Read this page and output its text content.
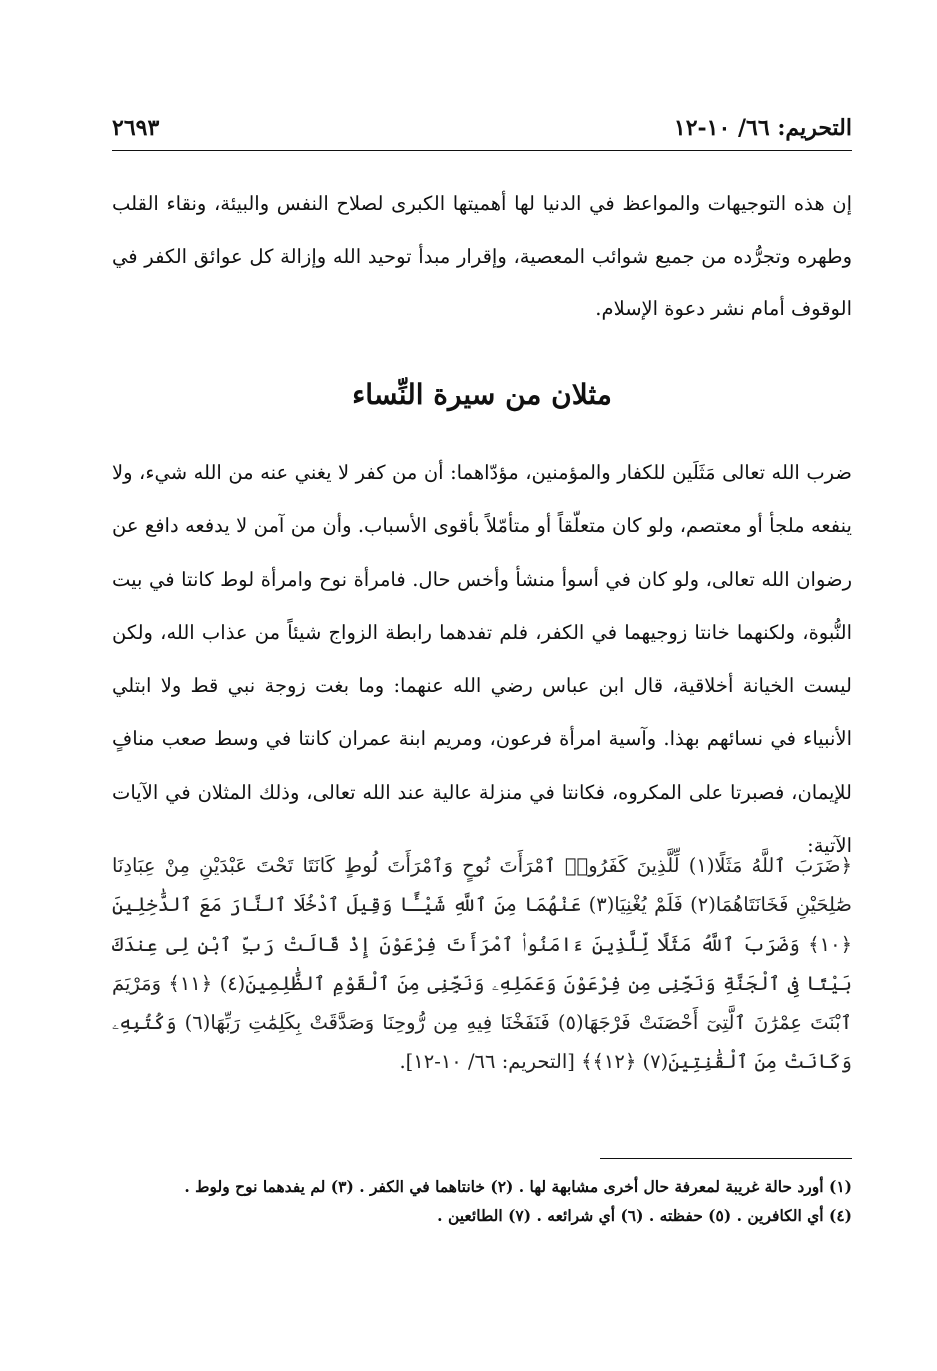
التحريم: ٦٦/ ١٠-١٢
٢٦٩٣
إن هذه التوجيهات والمواعظ في الدنيا لها أهميتها الكبرى لصلاح النفس والبيئة، ونقاء القلب وطهره وتجرُّده من جميع شوائب المعصية، وإقرار مبدأ توحيد الله وإزالة كل عوائق الكفر في الوقوف أمام نشر دعوة الإسلام.
مثلان من سيرة النِّساء
ضرب الله تعالى مَثَلَين للكفار والمؤمنين، مؤدّاهما: أن من كفر لا يغني عنه من الله شيء، ولا ينفعه ملجأ أو معتصم، ولو كان متعلّقاً أو متأمّلاً بأقوى الأسباب. وأن من آمن لا يدفعه دافع عن رضوان الله تعالى، ولو كان في أسوأ منشأ وأخس حال. فامرأة نوح وامرأة لوط كانتا في بيت النُّبوة، ولكنهما خانتا زوجيهما في الكفر، فلم تفدهما رابطة الزواج شيئاً من عذاب الله، ولكن ليست الخيانة أخلاقية، قال ابن عباس رضي الله عنهما: وما بغت زوجة نبي قط ولا ابتلي الأنبياء في نسائهم بهذا. وآسية امرأة فرعون، ومريم ابنة عمران كانتا في وسط صعب منافٍ للإيمان، فصبرتا على المكروه، فكانتا في منزلة عالية عند الله تعالى، وذلك المثلان في الآيات الآتية:
﴿ضَرَبَ ٱللَّهُ مَثَلًا(١) لِّلَّذِينَ كَفَرُوا۟ ٱمْرَأَتَ نُوحٍ وَٱمْرَأَتَ لُوطٍ كَانَتَا تَحْتَ عَبْدَيْنِ مِنْ عِبَادِنَا صَٰلِحَيْنِ فَخَانَتَاهُمَا(٢) فَلَمْ يُغْنِيَا(٣) عَنْهُمَا مِنَ ٱللَّهِ شَيْـًٔا وَقِيلَ ٱدْخُلَا ٱلنَّارَ مَعَ ٱلدَّٰخِلِينَ ﴿١٠﴾ وَضَرَبَ ٱللَّهُ مَثَلًا لِّلَّذِينَ ءَامَنُوا۟ ٱمْرَأَتَ فِرْعَوْنَ إِذْ قَالَتْ رَبِّ ٱبْنِ لِى عِندَكَ بَيْتًا فِى ٱلْجَنَّةِ وَنَجِّنِى مِن فِرْعَوْنَ وَعَمَلِهِۦ وَنَجِّنِى مِنَ ٱلْقَوْمِ ٱلظَّٰلِمِينَ(٤) ﴿١١﴾ وَمَرْيَمَ ٱبْنَتَ عِمْرَٰنَ ٱلَّتِىٓ أَحْصَنَتْ فَرْجَهَا(٥) فَنَفَخْنَا فِيهِ مِن رُّوحِنَا وَصَدَّقَتْ بِكَلِمَٰتِ رَبِّهَا(٦) وَكُتُبِهِۦ وَكَانَتْ مِنَ ٱلْقَٰنِتِينَ(٧) ﴿١٢﴾﴾ [التحريم: ٦٦/ ١٠-١٢].

(١) أورد حالة غريبة لمعرفة حال أخرى مشابهة لها . (٢) خانتاهما في الكفر . (٣) لم يفدهما نوح ولوط .

(٤) أي الكافرين . (٥) حفظته . (٦) أي شرائعه . (٧) الطائعين .
